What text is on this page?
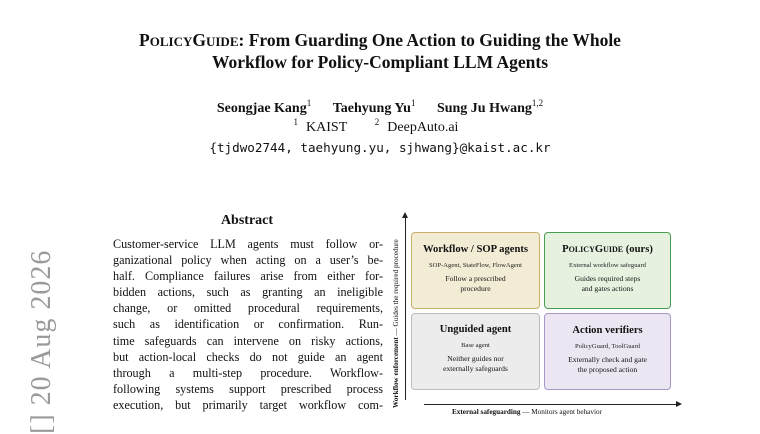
POLICYGUIDE: From Guarding One Action to Guiding the Whole
Workflow for Policy-Compliant LLM Agents
Seongjae Kang$^1$ Taehyung Yu$^1$ Sung Ju Hwang$^{1,2}$
$^1$ KAIST	$^2$ DeepAuto.ai
{tjdwo2744, taehyung.yu, sjhwang}@kaist.ac.kr
[] 20 Aug 2026
Abstract
Customer-service LLM agents must follow or-
ganizational policy when acting on a user’s be-
half. Compliance failures arise from either for-
bidden actions, such as granting an ineligible
change, or omitted procedural requirements,
such as identification or confirmation. Run-
time safeguards can intervene on risky actions,
but action-local checks do not guide an agent
through a multi-step procedure. Workflow-
following systems support prescribed process
execution, but primarily target workflow com- Workflow enforcement — Guides the required procedure	Workflow / SOP agents
SOP-Agent, StateFlow, FlowAgent
Follow a prescribed
procedure
POLICYGUIDE (ours)
External workflow safeguard
Guides required steps
and gates actions
Unguided agent
Base agent
Neither guides nor
externally safeguards
Action verifiers
PolicyGuard, ToolGuard
Externally check and gate
the proposed action
External safeguarding — Monitors agent behavior
